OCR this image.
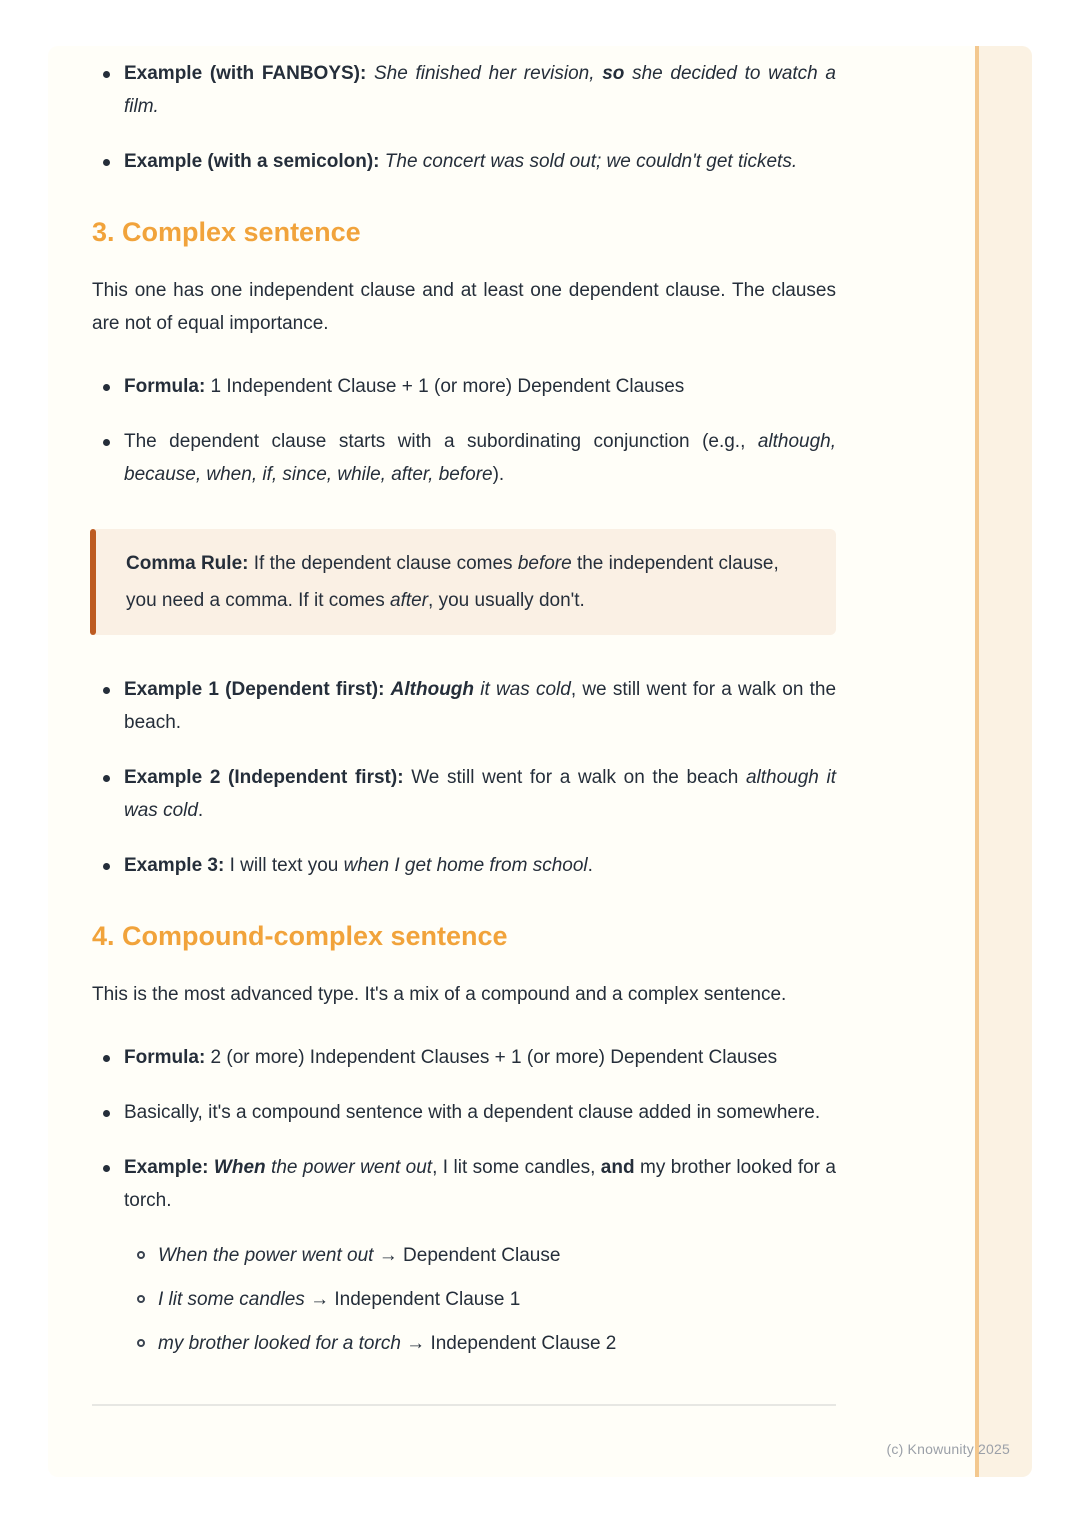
Example (with FANBOYS): She finished her revision, so she decided to watch a film.
Example (with a semicolon): The concert was sold out; we couldn't get tickets.
3. Complex sentence

This one has one independent clause and at least one dependent clause. The clauses are not of equal importance.

Formula: 1 Independent Clause + 1 (or more) Dependent Clauses
The dependent clause starts with a subordinating conjunction (e.g., although, because, when, if, since, while, after, before).
Comma Rule: If the dependent clause comes before the independent clause, you need a comma. If it comes after, you usually don't.
Example 1 (Dependent first): Although it was cold, we still went for a walk on the beach.
Example 2 (Independent first): We still went for a walk on the beach although it was cold.
Example 3: I will text you when I get home from school.
4. Compound-complex sentence

This is the most advanced type. It's a mix of a compound and a complex sentence.

Formula: 2 (or more) Independent Clauses + 1 (or more) Dependent Clauses
Basically, it's a compound sentence with a dependent clause added in somewhere.
Example: When the power went out, I lit some candles, and my brother looked for a torch.
When the power went out → Dependent Clause
I lit some candles → Independent Clause 1
my brother looked for a torch → Independent Clause 2
(c) Knowunity 2025
